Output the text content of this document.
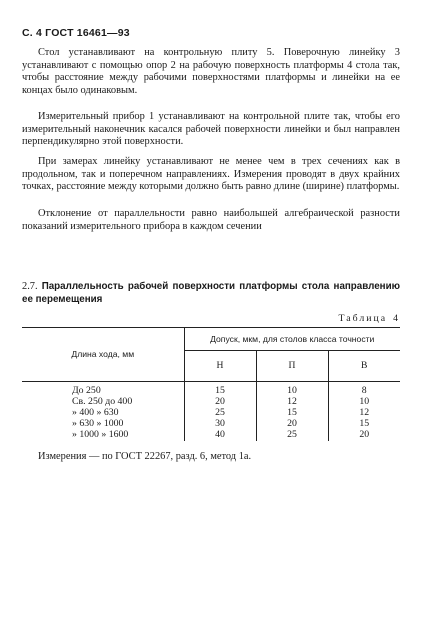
С. 4 ГОСТ 16461—93

Стол устанавливают на контрольную плиту 5. Поверочную линейку 3 устанавливают с помощью опор 2 на рабочую поверхность платформы 4 стола так, чтобы расстояние между рабочими поверхностями платформы и линейки на ее концах было одинаковым.

Измерительный прибор 1 устанавливают на контрольной плите так, чтобы его измерительный наконечник касался рабочей поверхности линейки и был направлен перпендикулярно этой поверхности.

При замерах линейку устанавливают не менее чем в трех сечениях как в продольном, так и поперечном направлениях. Измерения проводят в двух крайних точках, расстояние между которыми должно быть равно длине (ширине) платформы.

Отклонение от параллельности равно наибольшей алгебраической разности показаний измерительного прибора в каждом сечении

2.7. Параллельность рабочей поверхности платформы стола направлению ее перемещения

Таблица 4
Длина хода, мм	Допуск, мкм, для столов класса точности		
	Н	П	В
До 250	15	10	8
Св. 250 до 400	20	12	10
» 400 » 630	25	15	12
» 630 » 1000	30	20	15
» 1000 » 1600	40	25	20

Измерения — по ГОСТ 22267, разд. 6, метод 1а.
